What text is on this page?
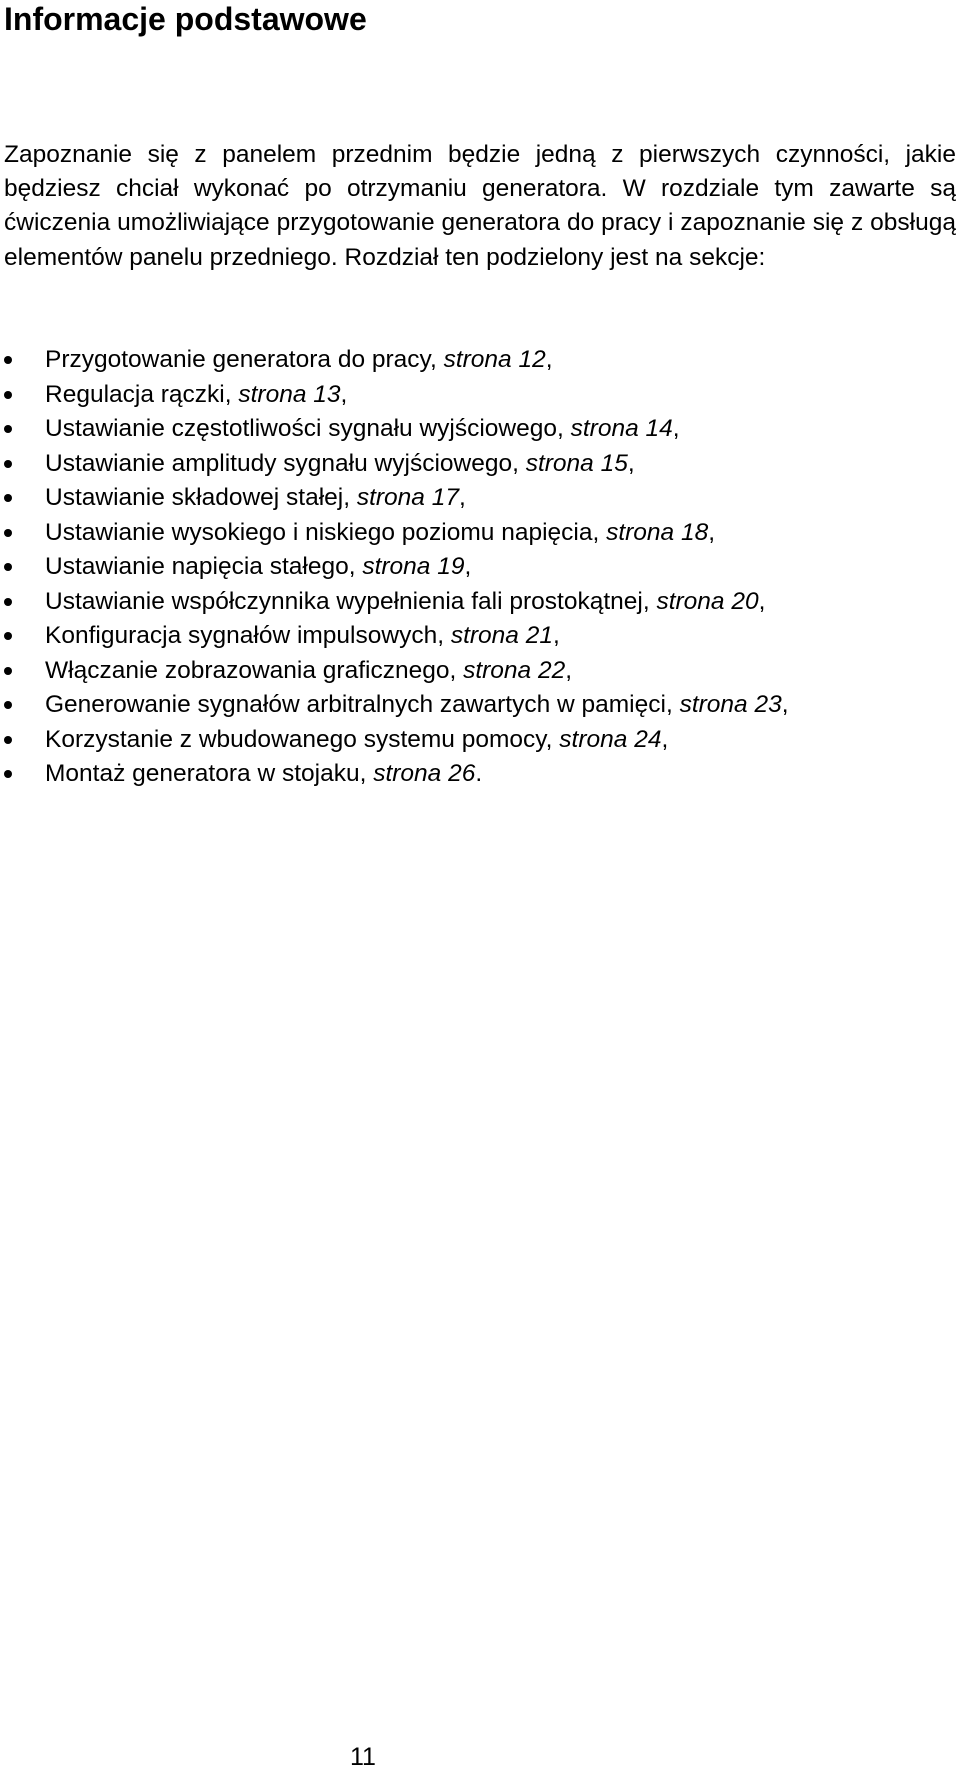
Informacje podstawowe

Zapoznanie się z panelem przednim będzie jedną z pierwszych czynności, jakie będziesz chciał wykonać po otrzymaniu generatora. W rozdziale tym zawarte są ćwiczenia umożliwiające przygotowanie generatora do pracy i zapoznanie się z obsługą elementów panelu przedniego. Rozdział ten podzielony jest na sekcje:

Przygotowanie generatora do pracy, strona 12,
Regulacja rączki, strona 13,
Ustawianie częstotliwości sygnału wyjściowego, strona 14,
Ustawianie amplitudy sygnału wyjściowego, strona 15,
Ustawianie składowej stałej, strona 17,
Ustawianie wysokiego i niskiego poziomu napięcia, strona 18,
Ustawianie napięcia stałego, strona 19,
Ustawianie współczynnika wypełnienia fali prostokątnej, strona 20,
Konfiguracja sygnałów impulsowych, strona 21,
Włączanie zobrazowania graficznego, strona 22,
Generowanie sygnałów arbitralnych zawartych w pamięci, strona 23,
Korzystanie z wbudowanego systemu pomocy, strona 24,
Montaż generatora w stojaku, strona 26.
11
